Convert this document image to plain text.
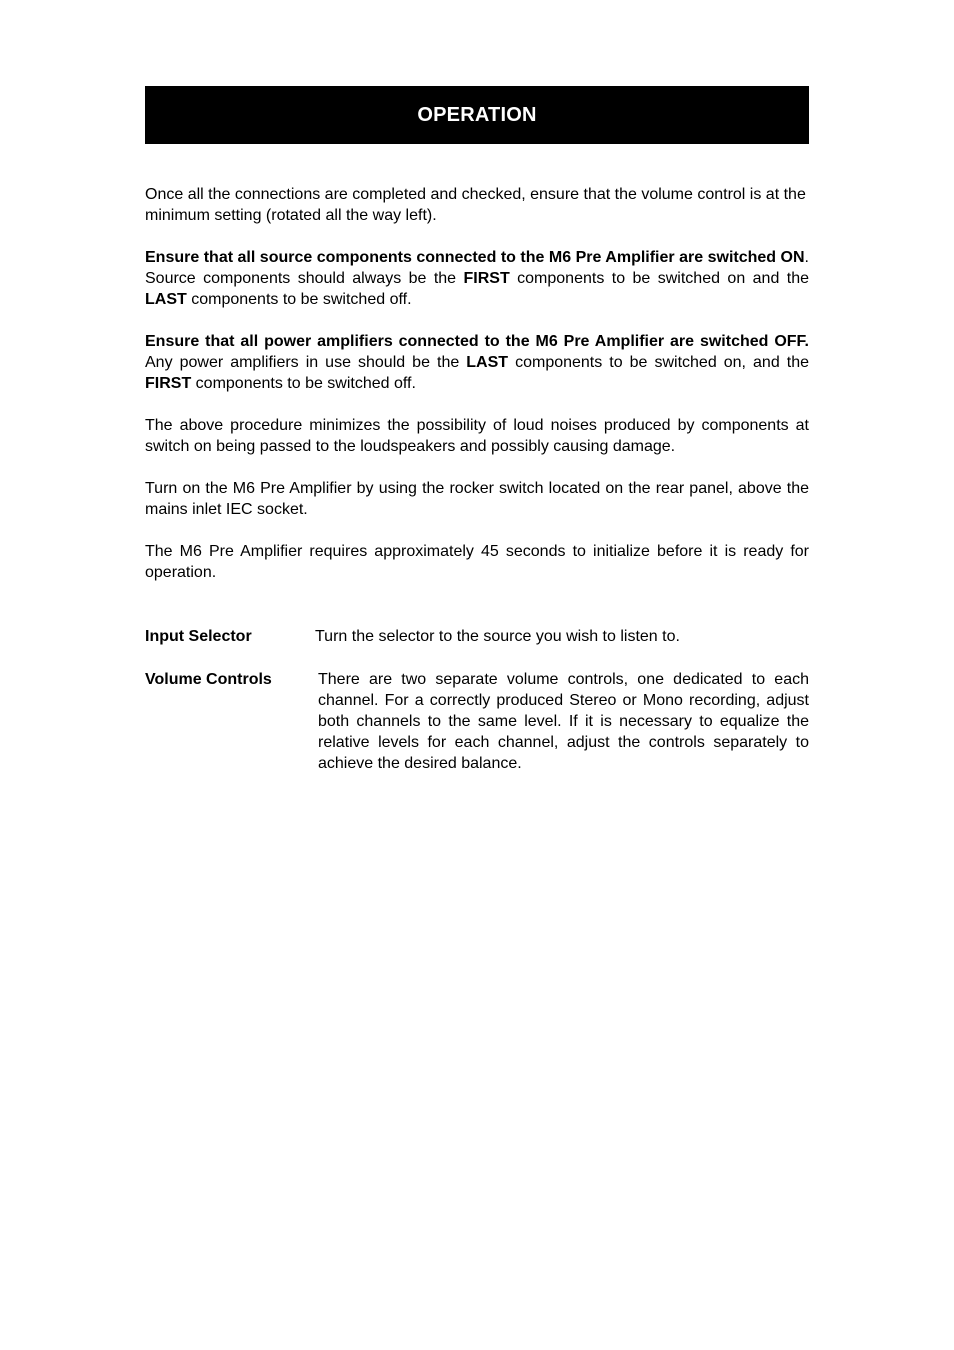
OPERATION

Once all the connections are completed and checked, ensure that the volume control is at the minimum setting (rotated all the way left).

Ensure that all source components connected to the M6 Pre Amplifier are switched ON. Source components should always be the FIRST components to be switched on and the LAST components to be switched off.

Ensure that all power amplifiers connected to the M6 Pre Amplifier are switched OFF. Any power amplifiers in use should be the LAST components to be switched on, and the FIRST components to be switched off.

The above procedure minimizes the possibility of loud noises produced by components at switch on being passed to the loudspeakers and possibly causing damage.

Turn on the M6 Pre Amplifier by using the rocker switch located on the rear panel, above the mains inlet IEC socket.

The M6 Pre Amplifier requires approximately 45 seconds to initialize before it is ready for operation.

Input Selector	Turn the selector to the source you wish to listen to.
Volume Controls	There are two separate volume controls, one dedicated to each channel. For a correctly produced Stereo or Mono recording, adjust both channels to the same level. If it is necessary to equalize the relative levels for each channel, adjust the controls separately to achieve the desired balance.
